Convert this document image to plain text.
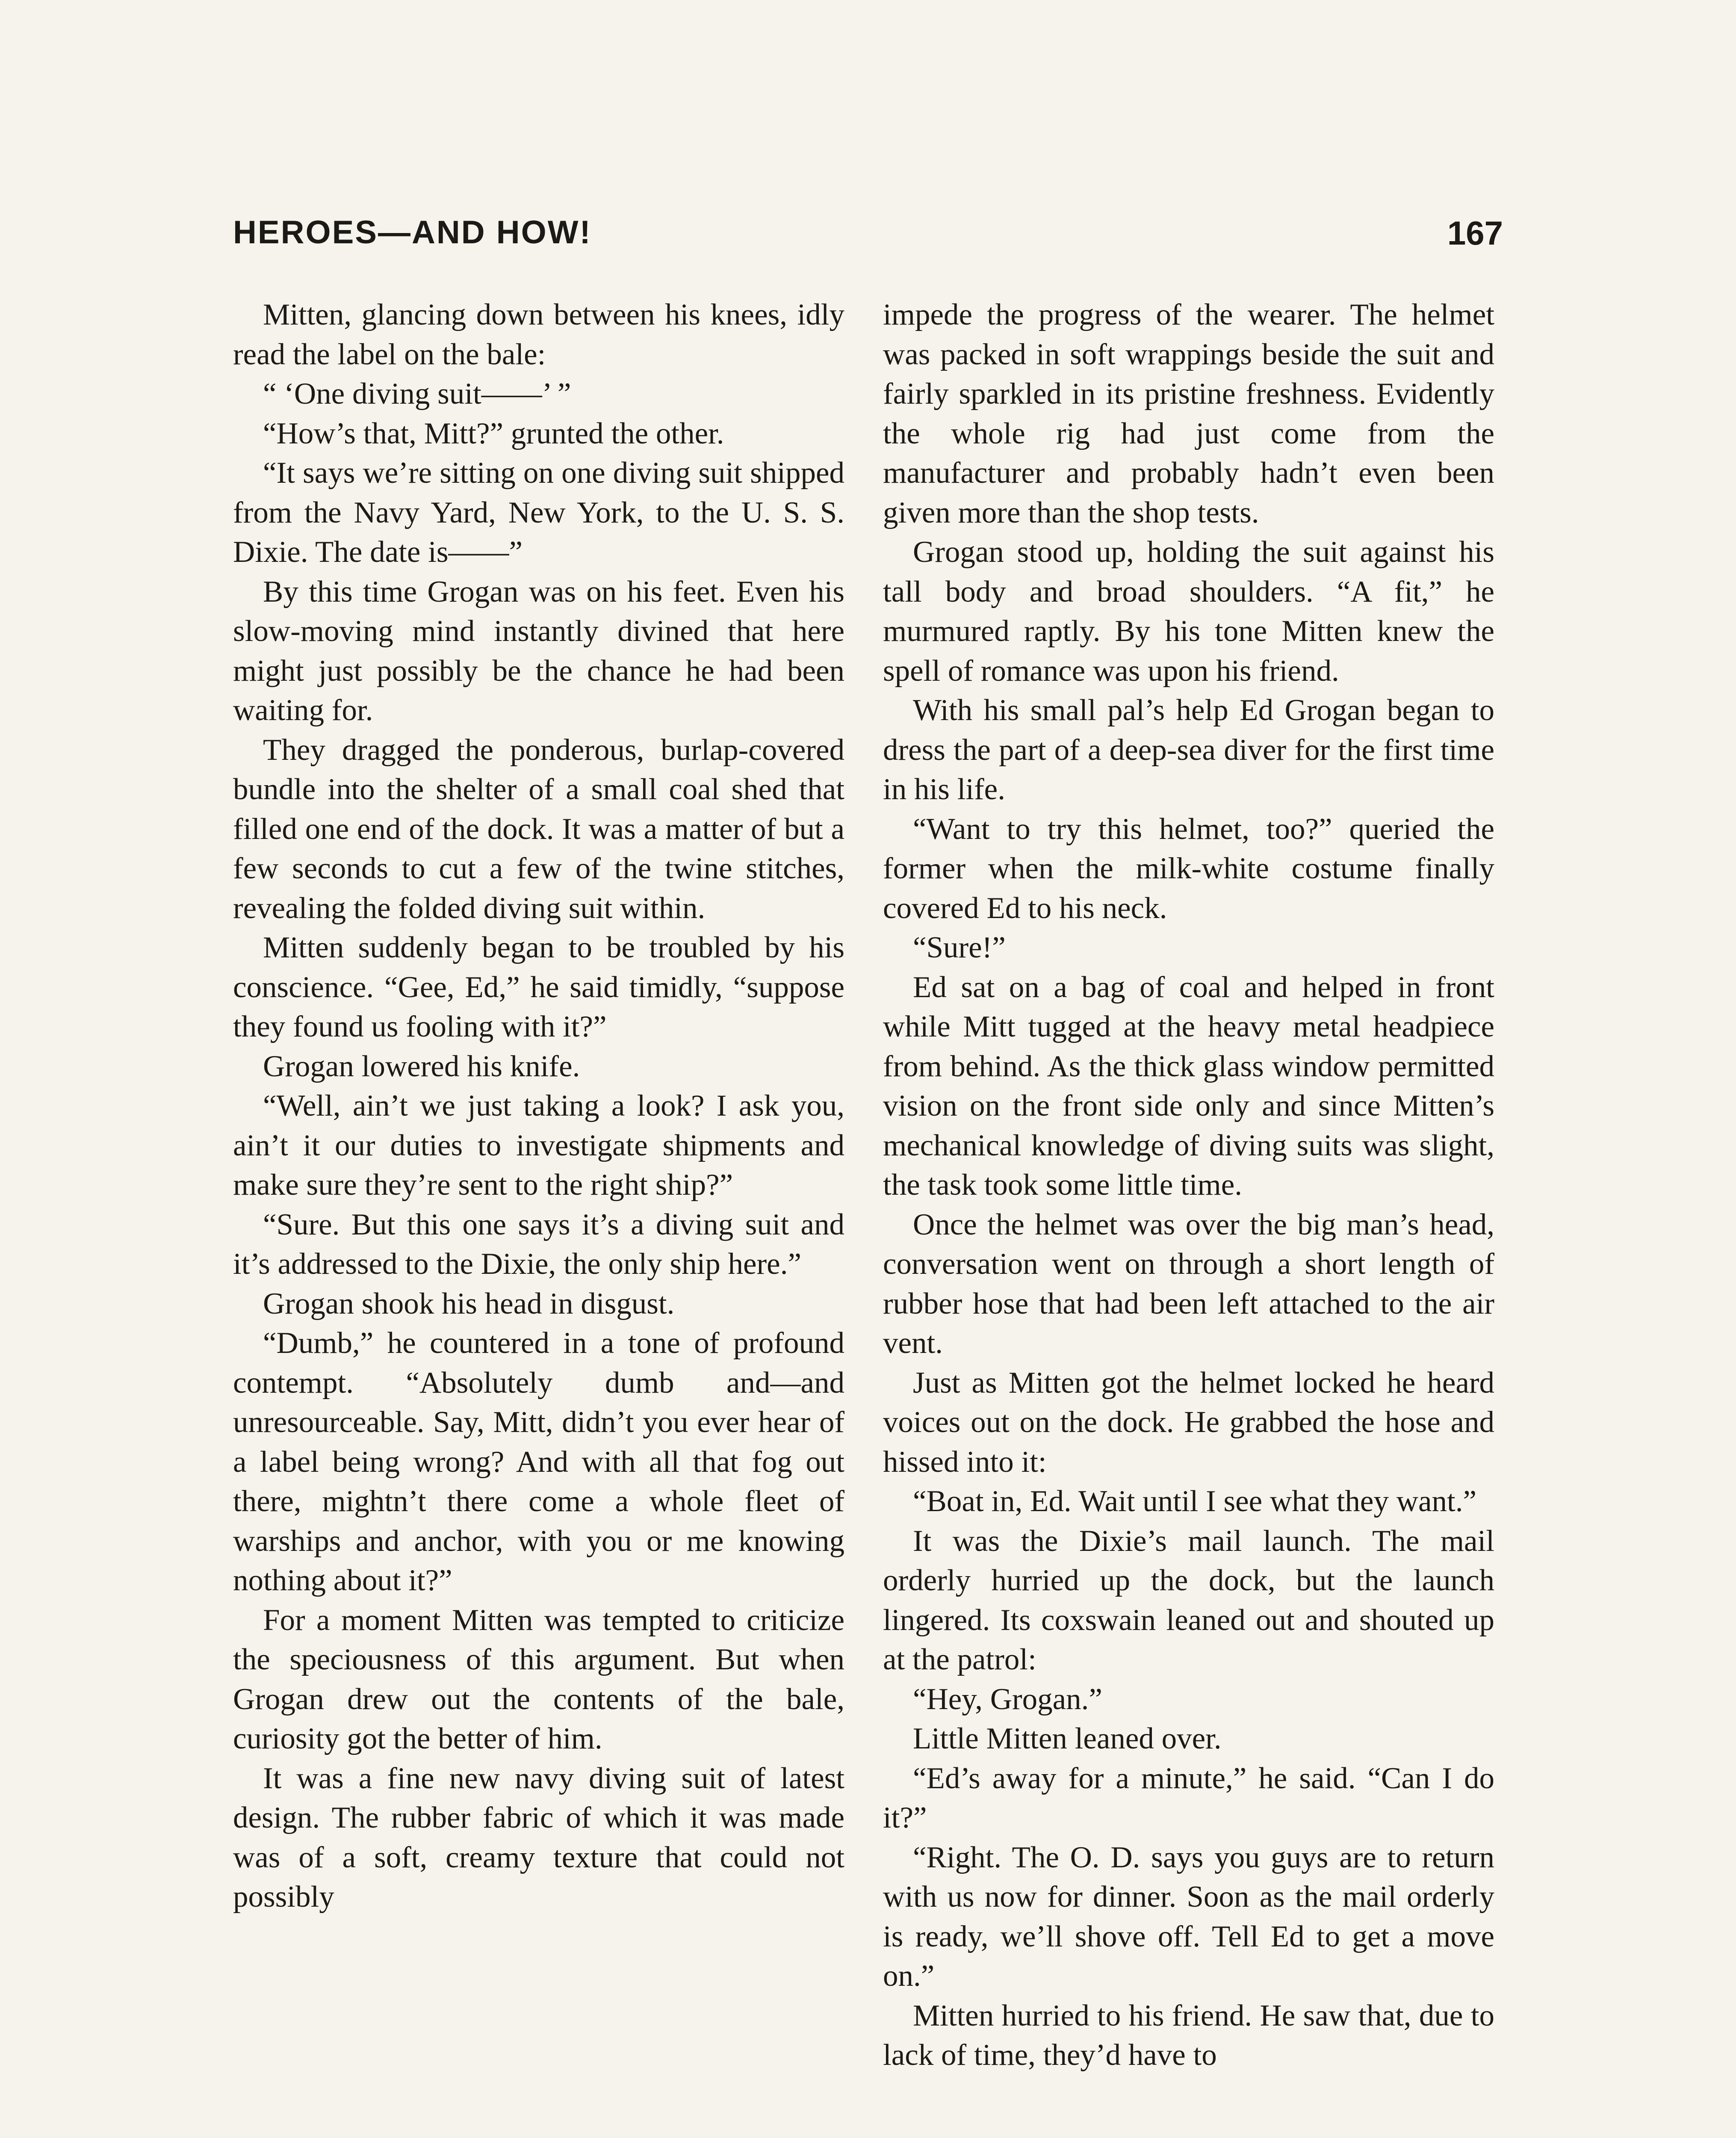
HEROES—AND HOW!	167

Mitten, glancing down between his knees, idly read the label on the bale:

“ ‘One diving suit——’ ”

“How’s that, Mitt?” grunted the other.

“It says we’re sitting on one diving suit shipped from the Navy Yard, New York, to the U. S. S. Dixie. The date is——”

By this time Grogan was on his feet. Even his slow-moving mind instantly divined that here might just possibly be the chance he had been waiting for.

They dragged the ponderous, burlap-covered bundle into the shelter of a small coal shed that filled one end of the dock. It was a matter of but a few seconds to cut a few of the twine stitches, revealing the folded diving suit within.

Mitten suddenly began to be troubled by his conscience. “Gee, Ed,” he said timidly, “suppose they found us fooling with it?”

Grogan lowered his knife.

“Well, ain’t we just taking a look? I ask you, ain’t it our duties to investigate shipments and make sure they’re sent to the right ship?”

“Sure. But this one says it’s a diving suit and it’s addressed to the Dixie, the only ship here.”

Grogan shook his head in disgust.

“Dumb,” he countered in a tone of profound contempt. “Absolutely dumb and—and unresourceable. Say, Mitt, didn’t you ever hear of a label being wrong? And with all that fog out there, mightn’t there come a whole fleet of warships and anchor, with you or me knowing nothing about it?”

For a moment Mitten was tempted to criticize the speciousness of this argument. But when Grogan drew out the contents of the bale, curiosity got the better of him.

It was a fine new navy diving suit of latest design. The rubber fabric of which it was made was of a soft, creamy texture that could not possibly

impede the progress of the wearer. The helmet was packed in soft wrappings beside the suit and fairly sparkled in its pristine freshness. Evidently the whole rig had just come from the manufacturer and probably hadn’t even been given more than the shop tests.

Grogan stood up, holding the suit against his tall body and broad shoulders. “A fit,” he murmured raptly. By his tone Mitten knew the spell of romance was upon his friend.

With his small pal’s help Ed Grogan began to dress the part of a deep-sea diver for the first time in his life.

“Want to try this helmet, too?” queried the former when the milk-white costume finally covered Ed to his neck.

“Sure!”

Ed sat on a bag of coal and helped in front while Mitt tugged at the heavy metal headpiece from behind. As the thick glass window permitted vision on the front side only and since Mitten’s mechanical knowledge of diving suits was slight, the task took some little time.

Once the helmet was over the big man’s head, conversation went on through a short length of rubber hose that had been left attached to the air vent.

Just as Mitten got the helmet locked he heard voices out on the dock. He grabbed the hose and hissed into it:

“Boat in, Ed. Wait until I see what they want.”

It was the Dixie’s mail launch. The mail orderly hurried up the dock, but the launch lingered. Its coxswain leaned out and shouted up at the patrol:

“Hey, Grogan.”

Little Mitten leaned over.

“Ed’s away for a minute,” he said. “Can I do it?”

“Right. The O. D. says you guys are to return with us now for dinner. Soon as the mail orderly is ready, we’ll shove off. Tell Ed to get a move on.”

Mitten hurried to his friend. He saw that, due to lack of time, they’d have to
